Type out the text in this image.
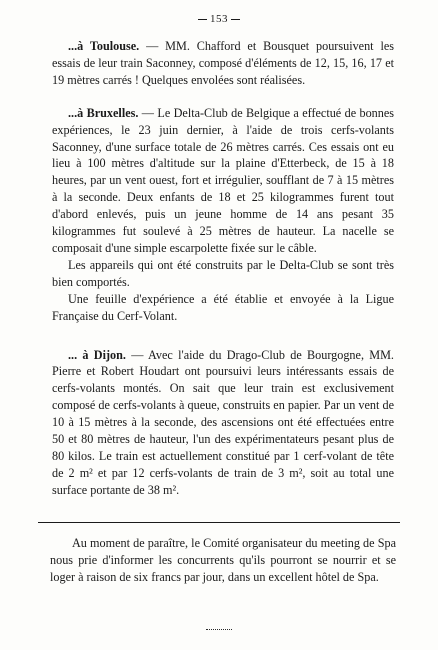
153

...à Toulouse. — MM. Chafford et Bousquet poursuivent les essais de leur train Saconney, composé d'éléments de 12, 15, 16, 17 et 19 mètres carrés ! Quelques envolées sont réalisées.

...à Bruxelles. — Le Delta-Club de Belgique a effectué de bonnes expériences, le 23 juin dernier, à l'aide de trois cerfs-volants Saconney, d'une surface totale de 26 mètres carrés. Ces essais ont eu lieu à 100 mètres d'altitude sur la plaine d'Etterbeck, de 15 à 18 heures, par un vent ouest, fort et irrégulier, soufflant de 7 à 15 mètres à la seconde. Deux enfants de 18 et 25 kilogrammes furent tout d'abord enlevés, puis un jeune homme de 14 ans pesant 35 kilogrammes fut soulevé à 25 mètres de hauteur. La nacelle se composait d'une simple escarpolette fixée sur le câble.

Les appareils qui ont été construits par le Delta-Club se sont très bien comportés.

Une feuille d'expérience a été établie et envoyée à la Ligue Française du Cerf-Volant.

... à Dijon. — Avec l'aide du Drago-Club de Bourgogne, MM. Pierre et Robert Houdart ont poursuivi leurs intéressants essais de cerfs-volants montés. On sait que leur train est exclusivement composé de cerfs-volants à queue, construits en papier. Par un vent de 10 à 15 mètres à la seconde, des ascensions ont été effectuées entre 50 et 80 mètres de hauteur, l'un des expérimentateurs pesant plus de 80 kilos. Le train est actuellement constitué par 1 cerf-volant de tête de 2 m² et par 12 cerfs-volants de train de 3 m², soit au total une surface portante de 38 m².

Au moment de paraître, le Comité organisateur du meeting de Spa nous prie d'informer les concurrents qu'ils pourront se nourrir et se loger à raison de six francs par jour, dans un excellent hôtel de Spa.
